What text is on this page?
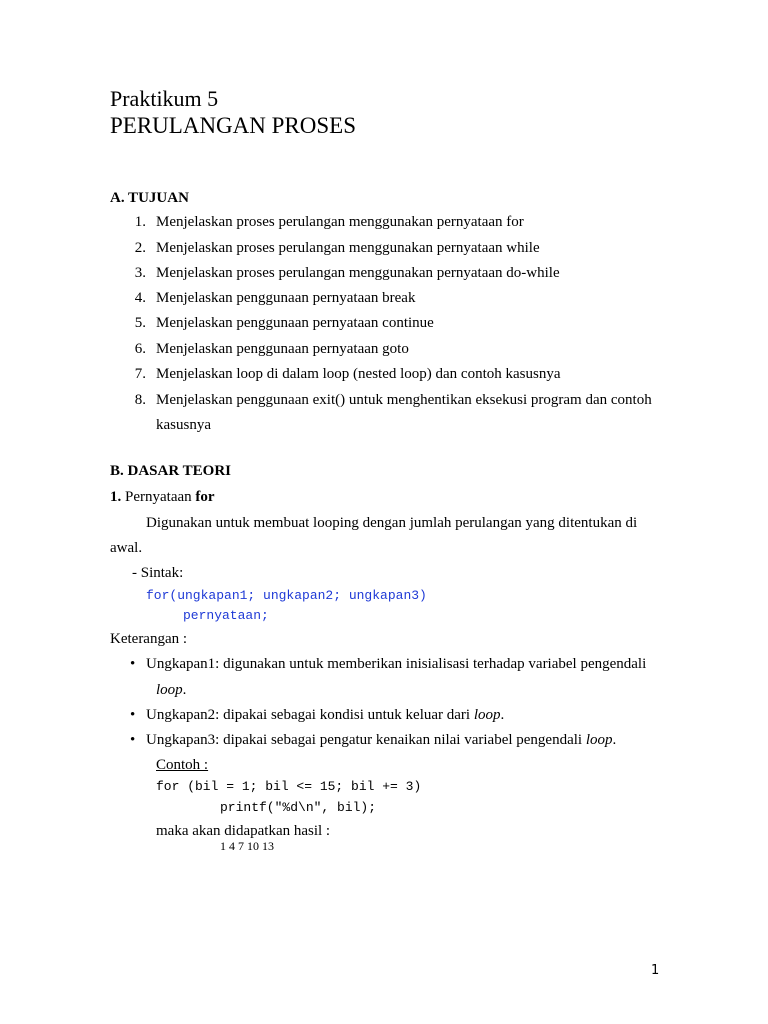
Praktikum 5
PERULANGAN PROSES
A. TUJUAN
1. Menjelaskan proses perulangan menggunakan pernyataan for
2. Menjelaskan proses perulangan menggunakan pernyataan while
3. Menjelaskan proses perulangan menggunakan pernyataan do-while
4. Menjelaskan penggunaan pernyataan break
5. Menjelaskan penggunaan pernyataan continue
6. Menjelaskan penggunaan pernyataan goto
7. Menjelaskan loop di dalam loop (nested loop) dan contoh kasusnya
8. Menjelaskan penggunaan exit() untuk menghentikan eksekusi program dan contoh
kasusnya
B. DASAR TEORI
1. Pernyataan for
Digunakan untuk membuat looping dengan jumlah perulangan yang ditentukan di
awal.
- Sintak:
for(ungkapan1; ungkapan2; ungkapan3)
pernyataan;
Keterangan :
• Ungkapan1: digunakan untuk memberikan inisialisasi terhadap variabel pengendali
loop.
• Ungkapan2: dipakai sebagai kondisi untuk keluar dari loop.
• Ungkapan3: dipakai sebagai pengatur kenaikan nilai variabel pengendali loop.
Contoh :
for (bil = 1; bil <= 15; bil += 3)
printf("%d\n", bil);
maka akan didapatkan hasil :
1 4 7 10 13
1
